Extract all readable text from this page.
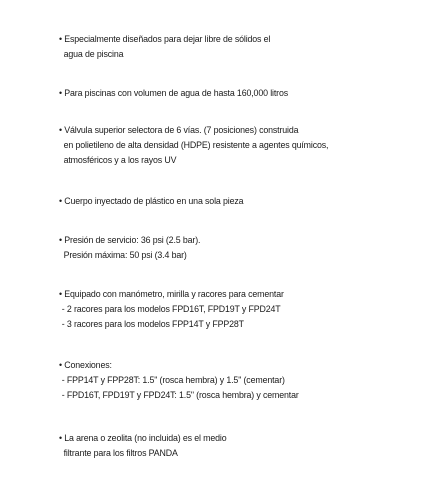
• Especialmente diseñados para dejar libre de sólidos el
agua de piscina
• Para piscinas con volumen de agua de hasta 160,000 litros
• Válvula superior selectora de 6 vías. (7 posiciones) construida
en polietileno de alta densidad (HDPE) resistente a agentes químicos,
atmosféricos y a los rayos UV
• Cuerpo inyectado de plástico en una sola pieza
• Presión de servicio: 36 psi (2.5 bar).
Presión máxima: 50 psi (3.4 bar)
• Equipado con manómetro, mirilla y racores para cementar
- 2 racores para los modelos FPD16T, FPD19T y FPD24T
- 3 racores para los modelos FPP14T y FPP28T
• Conexiones:
- FPP14T y FPP28T: 1.5" (rosca hembra) y 1.5" (cementar)
- FPD16T, FPD19T y FPD24T: 1.5" (rosca hembra) y cementar
• La arena o zeolita (no incluida) es el medio
filtrante para los filtros PANDA
